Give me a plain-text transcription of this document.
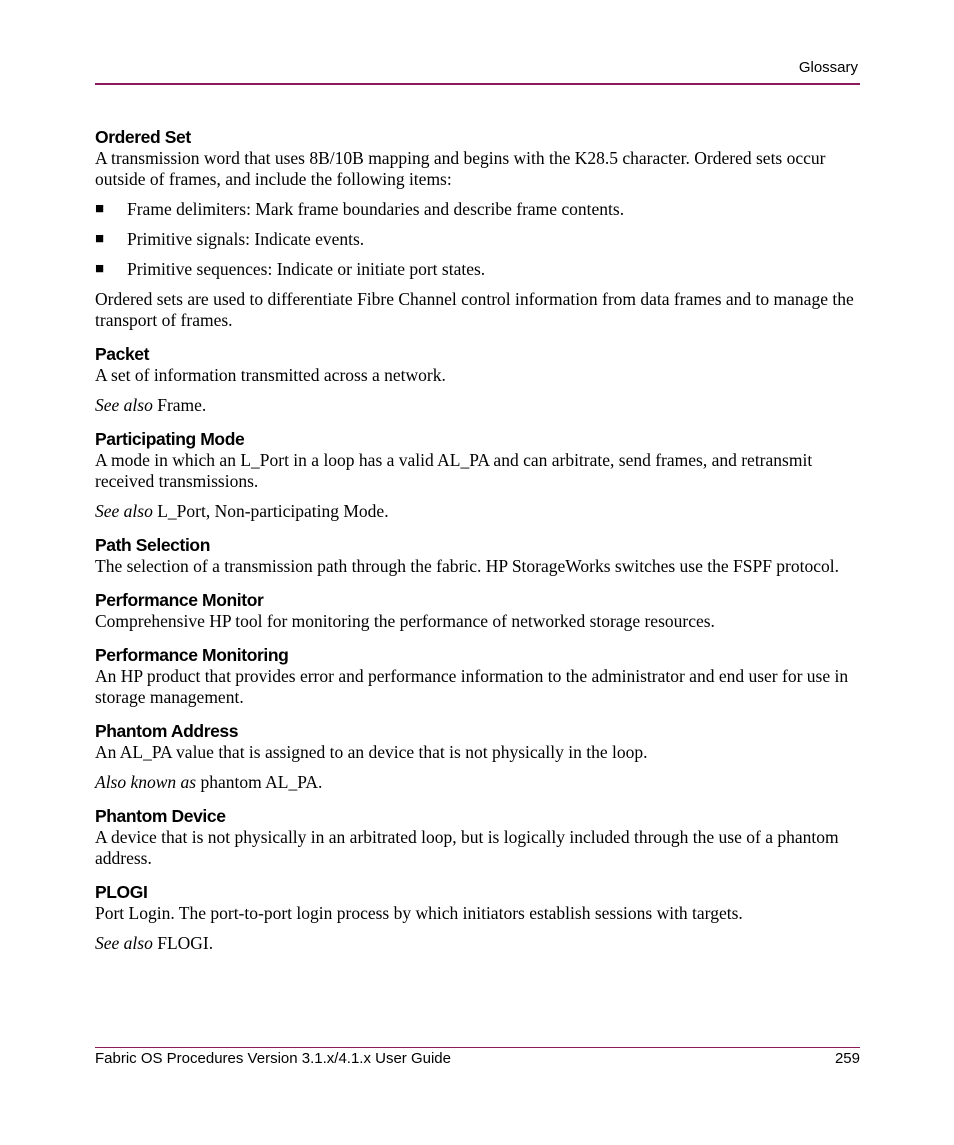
Glossary
Ordered Set

A transmission word that uses 8B/10B mapping and begins with the K28.5 character. Ordered sets occur outside of frames, and include the following items:

■	Frame delimiters: Mark frame boundaries and describe frame contents.
■	Primitive signals: Indicate events.
■	Primitive sequences: Indicate or initiate port states.

Ordered sets are used to differentiate Fibre Channel control information from data frames and to manage the transport of frames.

Packet

A set of information transmitted across a network.

See also Frame.

Participating Mode

A mode in which an L_Port in a loop has a valid AL_PA and can arbitrate, send frames, and retransmit received transmissions.

See also L_Port, Non-participating Mode.

Path Selection

The selection of a transmission path through the fabric. HP StorageWorks switches use the FSPF protocol.

Performance Monitor

Comprehensive HP tool for monitoring the performance of networked storage resources.

Performance Monitoring

An HP product that provides error and performance information to the administrator and end user for use in storage management.

Phantom Address

An AL_PA value that is assigned to an device that is not physically in the loop.

Also known as phantom AL_PA.

Phantom Device

A device that is not physically in an arbitrated loop, but is logically included through the use of a phantom address.

PLOGI

Port Login. The port-to-port login process by which initiators establish sessions with targets.

See also FLOGI.

Fabric OS Procedures Version 3.1.x/4.1.x User Guide	259
